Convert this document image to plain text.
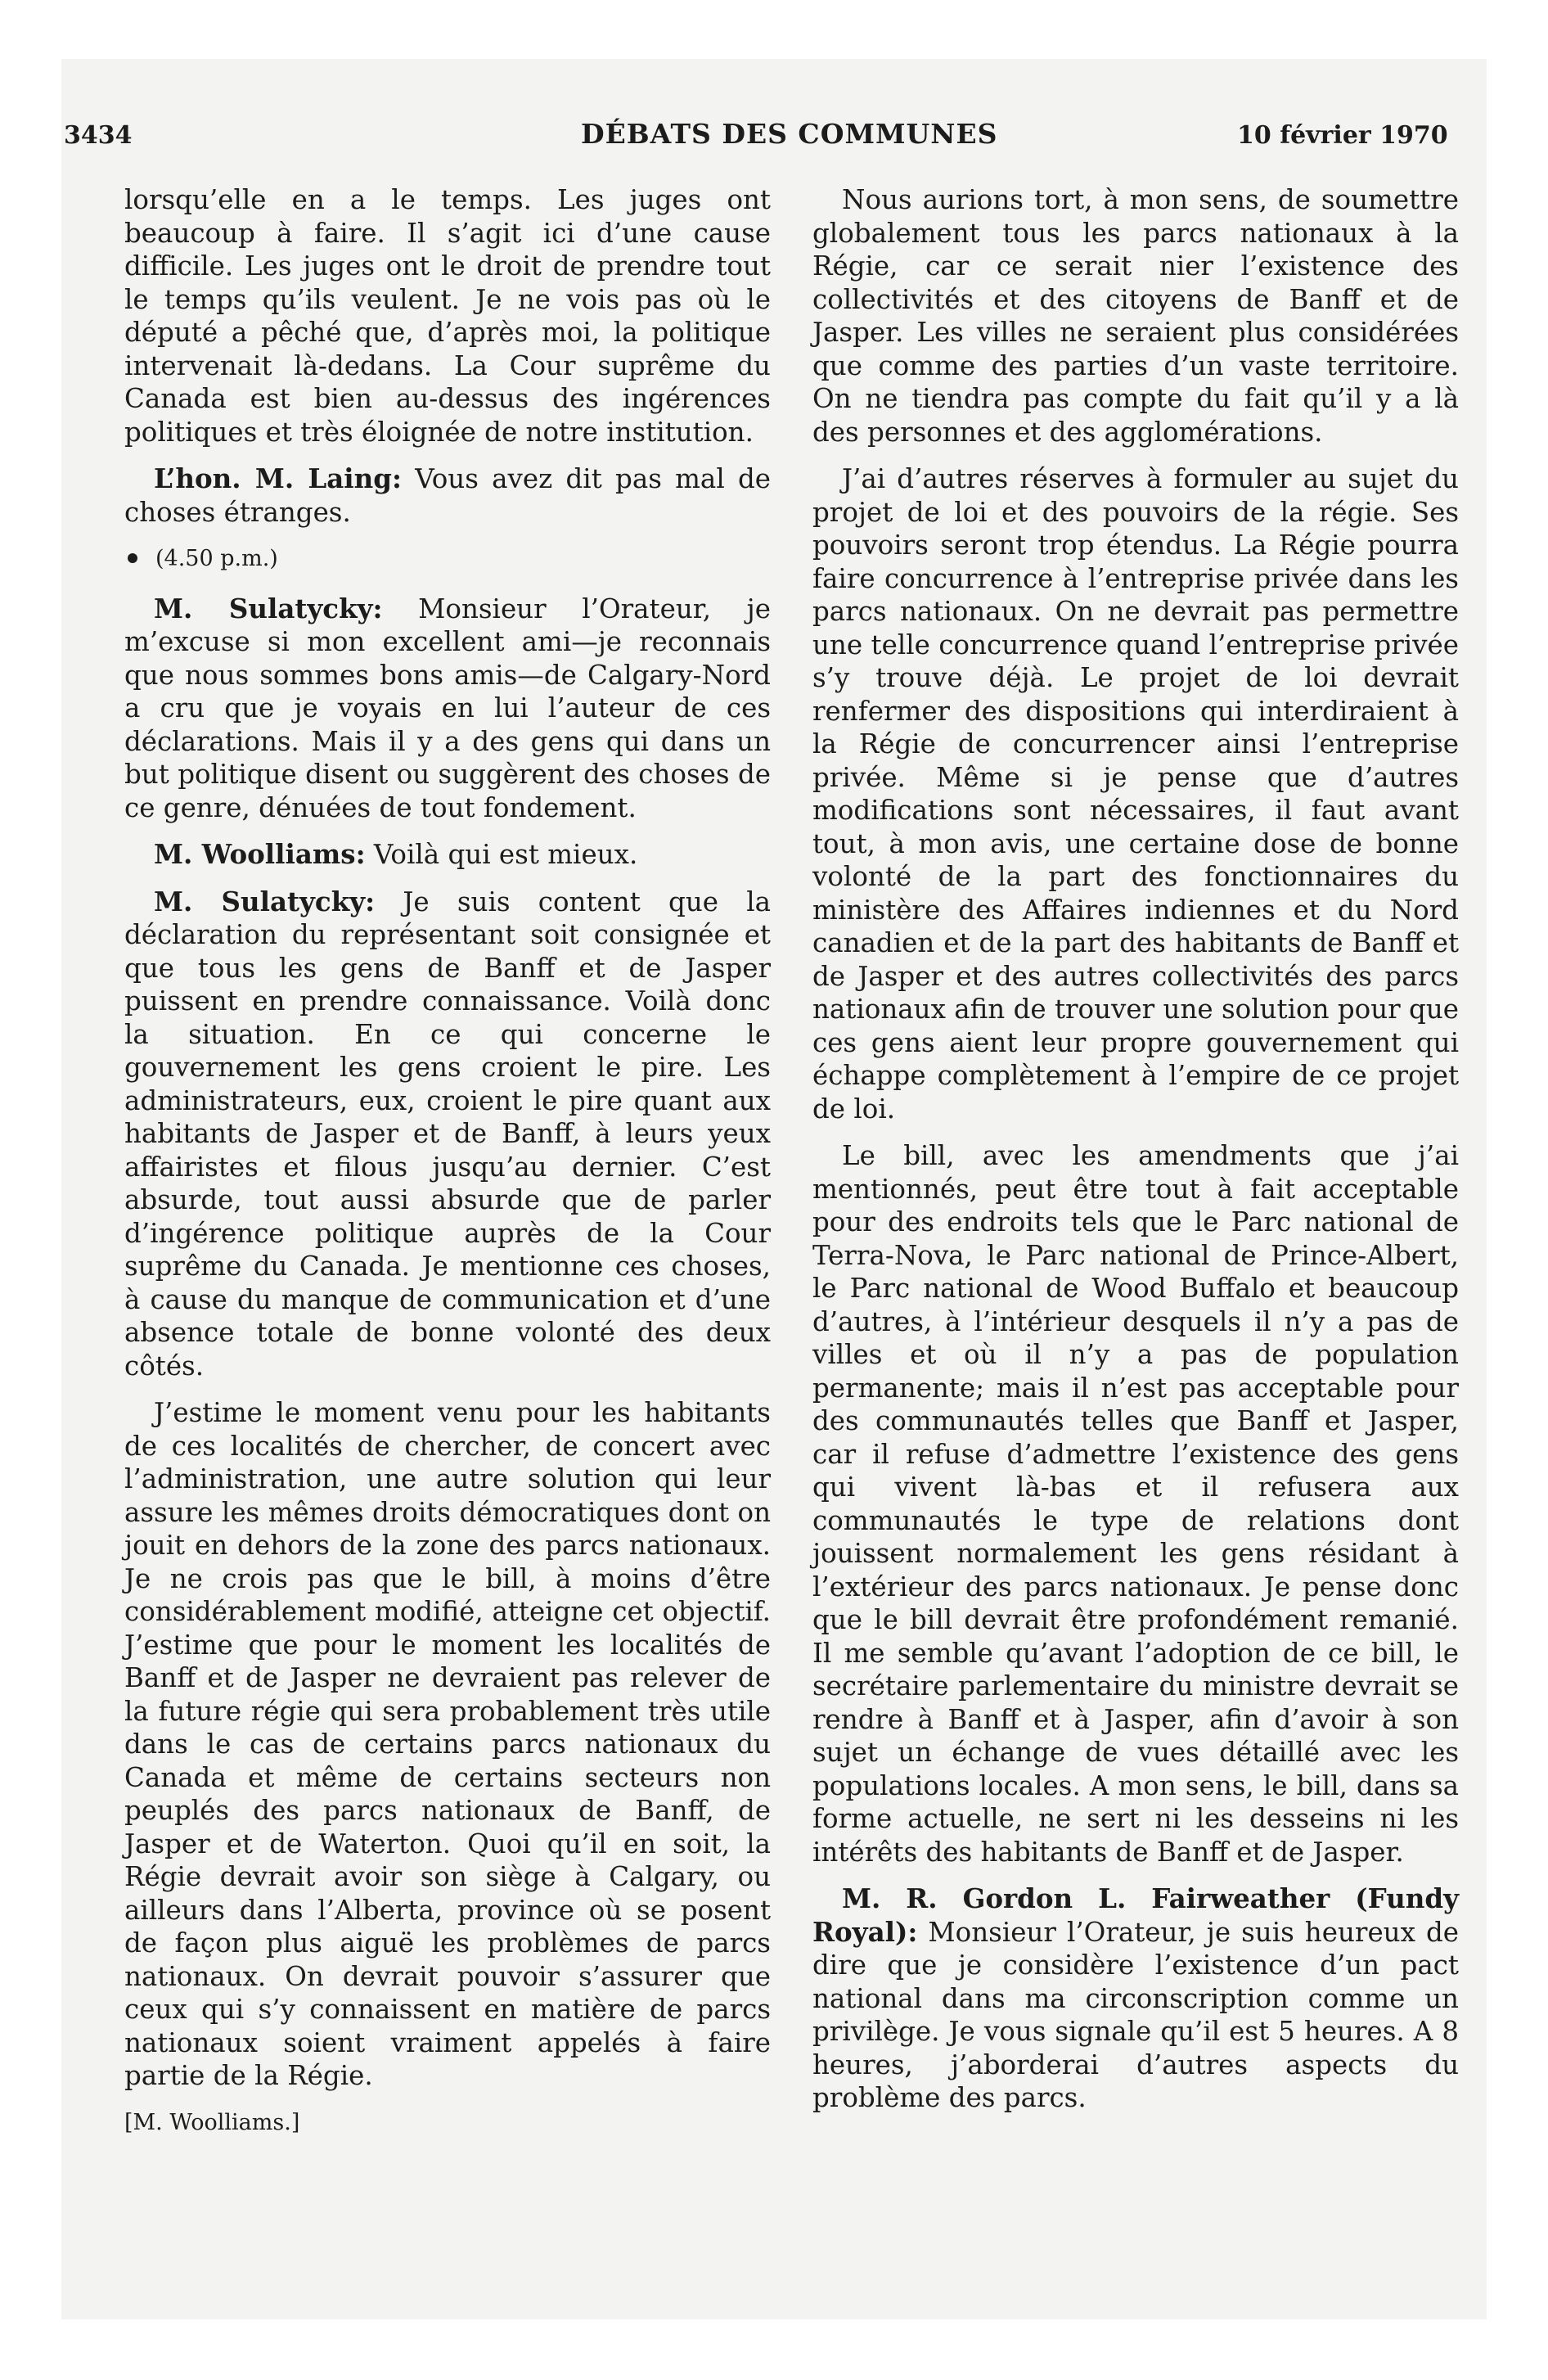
3434	DÉBATS DES COMMUNES	10 février 1970

lorsqu’elle en a le temps. Les juges ont beaucoup à faire. Il s’agit ici d’une cause difficile. Les juges ont le droit de prendre tout le temps qu’ils veulent. Je ne vois pas où le député a pêché que, d’après moi, la politique intervenait là-dedans. La Cour suprême du Canada est bien au-dessus des ingérences politiques et très éloignée de notre institution.

L’hon. M. Laing: Vous avez dit pas mal de choses étranges.

(4.50 p.m.)

M. Sulatycky: Monsieur l’Orateur, je m’excuse si mon excellent ami—je reconnais que nous sommes bons amis—de Calgary-Nord a cru que je voyais en lui l’auteur de ces déclarations. Mais il y a des gens qui dans un but politique disent ou suggèrent des choses de ce genre, dénuées de tout fondement.

M. Woolliams: Voilà qui est mieux.

M. Sulatycky: Je suis content que la déclaration du représentant soit consignée et que tous les gens de Banff et de Jasper puissent en prendre connaissance. Voilà donc la situation. En ce qui concerne le gouvernement les gens croient le pire. Les administrateurs, eux, croient le pire quant aux habitants de Jasper et de Banff, à leurs yeux affairistes et filous jusqu’au dernier. C’est absurde, tout aussi absurde que de parler d’ingérence politique auprès de la Cour suprême du Canada. Je mentionne ces choses, à cause du manque de communication et d’une absence totale de bonne volonté des deux côtés.

J’estime le moment venu pour les habitants de ces localités de chercher, de concert avec l’administration, une autre solution qui leur assure les mêmes droits démocratiques dont on jouit en dehors de la zone des parcs nationaux. Je ne crois pas que le bill, à moins d’être considérablement modifié, atteigne cet objectif. J’estime que pour le moment les localités de Banff et de Jasper ne devraient pas relever de la future régie qui sera probablement très utile dans le cas de certains parcs nationaux du Canada et même de certains secteurs non peuplés des parcs nationaux de Banff, de Jasper et de Waterton. Quoi qu’il en soit, la Régie devrait avoir son siège à Calgary, ou ailleurs dans l’Alberta, province où se posent de façon plus aiguë les problèmes de parcs nationaux. On devrait pouvoir s’assurer que ceux qui s’y connaissent en matière de parcs nationaux soient vraiment appelés à faire partie de la Régie.

[M. Woolliams.]

Nous aurions tort, à mon sens, de soumettre globalement tous les parcs nationaux à la Régie, car ce serait nier l’existence des collectivités et des citoyens de Banff et de Jasper. Les villes ne seraient plus considérées que comme des parties d’un vaste territoire. On ne tiendra pas compte du fait qu’il y a là des personnes et des agglomérations.

J’ai d’autres réserves à formuler au sujet du projet de loi et des pouvoirs de la régie. Ses pouvoirs seront trop étendus. La Régie pourra faire concurrence à l’entreprise privée dans les parcs nationaux. On ne devrait pas permettre une telle concurrence quand l’entreprise privée s’y trouve déjà. Le projet de loi devrait renfermer des dispositions qui interdiraient à la Régie de concurrencer ainsi l’entreprise privée. Même si je pense que d’autres modifications sont nécessaires, il faut avant tout, à mon avis, une certaine dose de bonne volonté de la part des fonctionnaires du ministère des Affaires indiennes et du Nord canadien et de la part des habitants de Banff et de Jasper et des autres collectivités des parcs nationaux afin de trouver une solution pour que ces gens aient leur propre gouvernement qui échappe complètement à l’empire de ce projet de loi.

Le bill, avec les amendments que j’ai mentionnés, peut être tout à fait acceptable pour des endroits tels que le Parc national de Terra-Nova, le Parc national de Prince-Albert, le Parc national de Wood Buffalo et beaucoup d’autres, à l’intérieur desquels il n’y a pas de villes et où il n’y a pas de population permanente; mais il n’est pas acceptable pour des communautés telles que Banff et Jasper, car il refuse d’admettre l’existence des gens qui vivent là-bas et il refusera aux communautés le type de relations dont jouissent normalement les gens résidant à l’extérieur des parcs nationaux. Je pense donc que le bill devrait être profondément remanié. Il me semble qu’avant l’adoption de ce bill, le secrétaire parlementaire du ministre devrait se rendre à Banff et à Jasper, afin d’avoir à son sujet un échange de vues détaillé avec les populations locales. A mon sens, le bill, dans sa forme actuelle, ne sert ni les desseins ni les intérêts des habitants de Banff et de Jasper.

M. R. Gordon L. Fairweather (Fundy Royal): Monsieur l’Orateur, je suis heureux de dire que je considère l’existence d’un pact national dans ma circonscription comme un privilège. Je vous signale qu’il est 5 heures. A 8 heures, j’aborderai d’autres aspects du problème des parcs.
